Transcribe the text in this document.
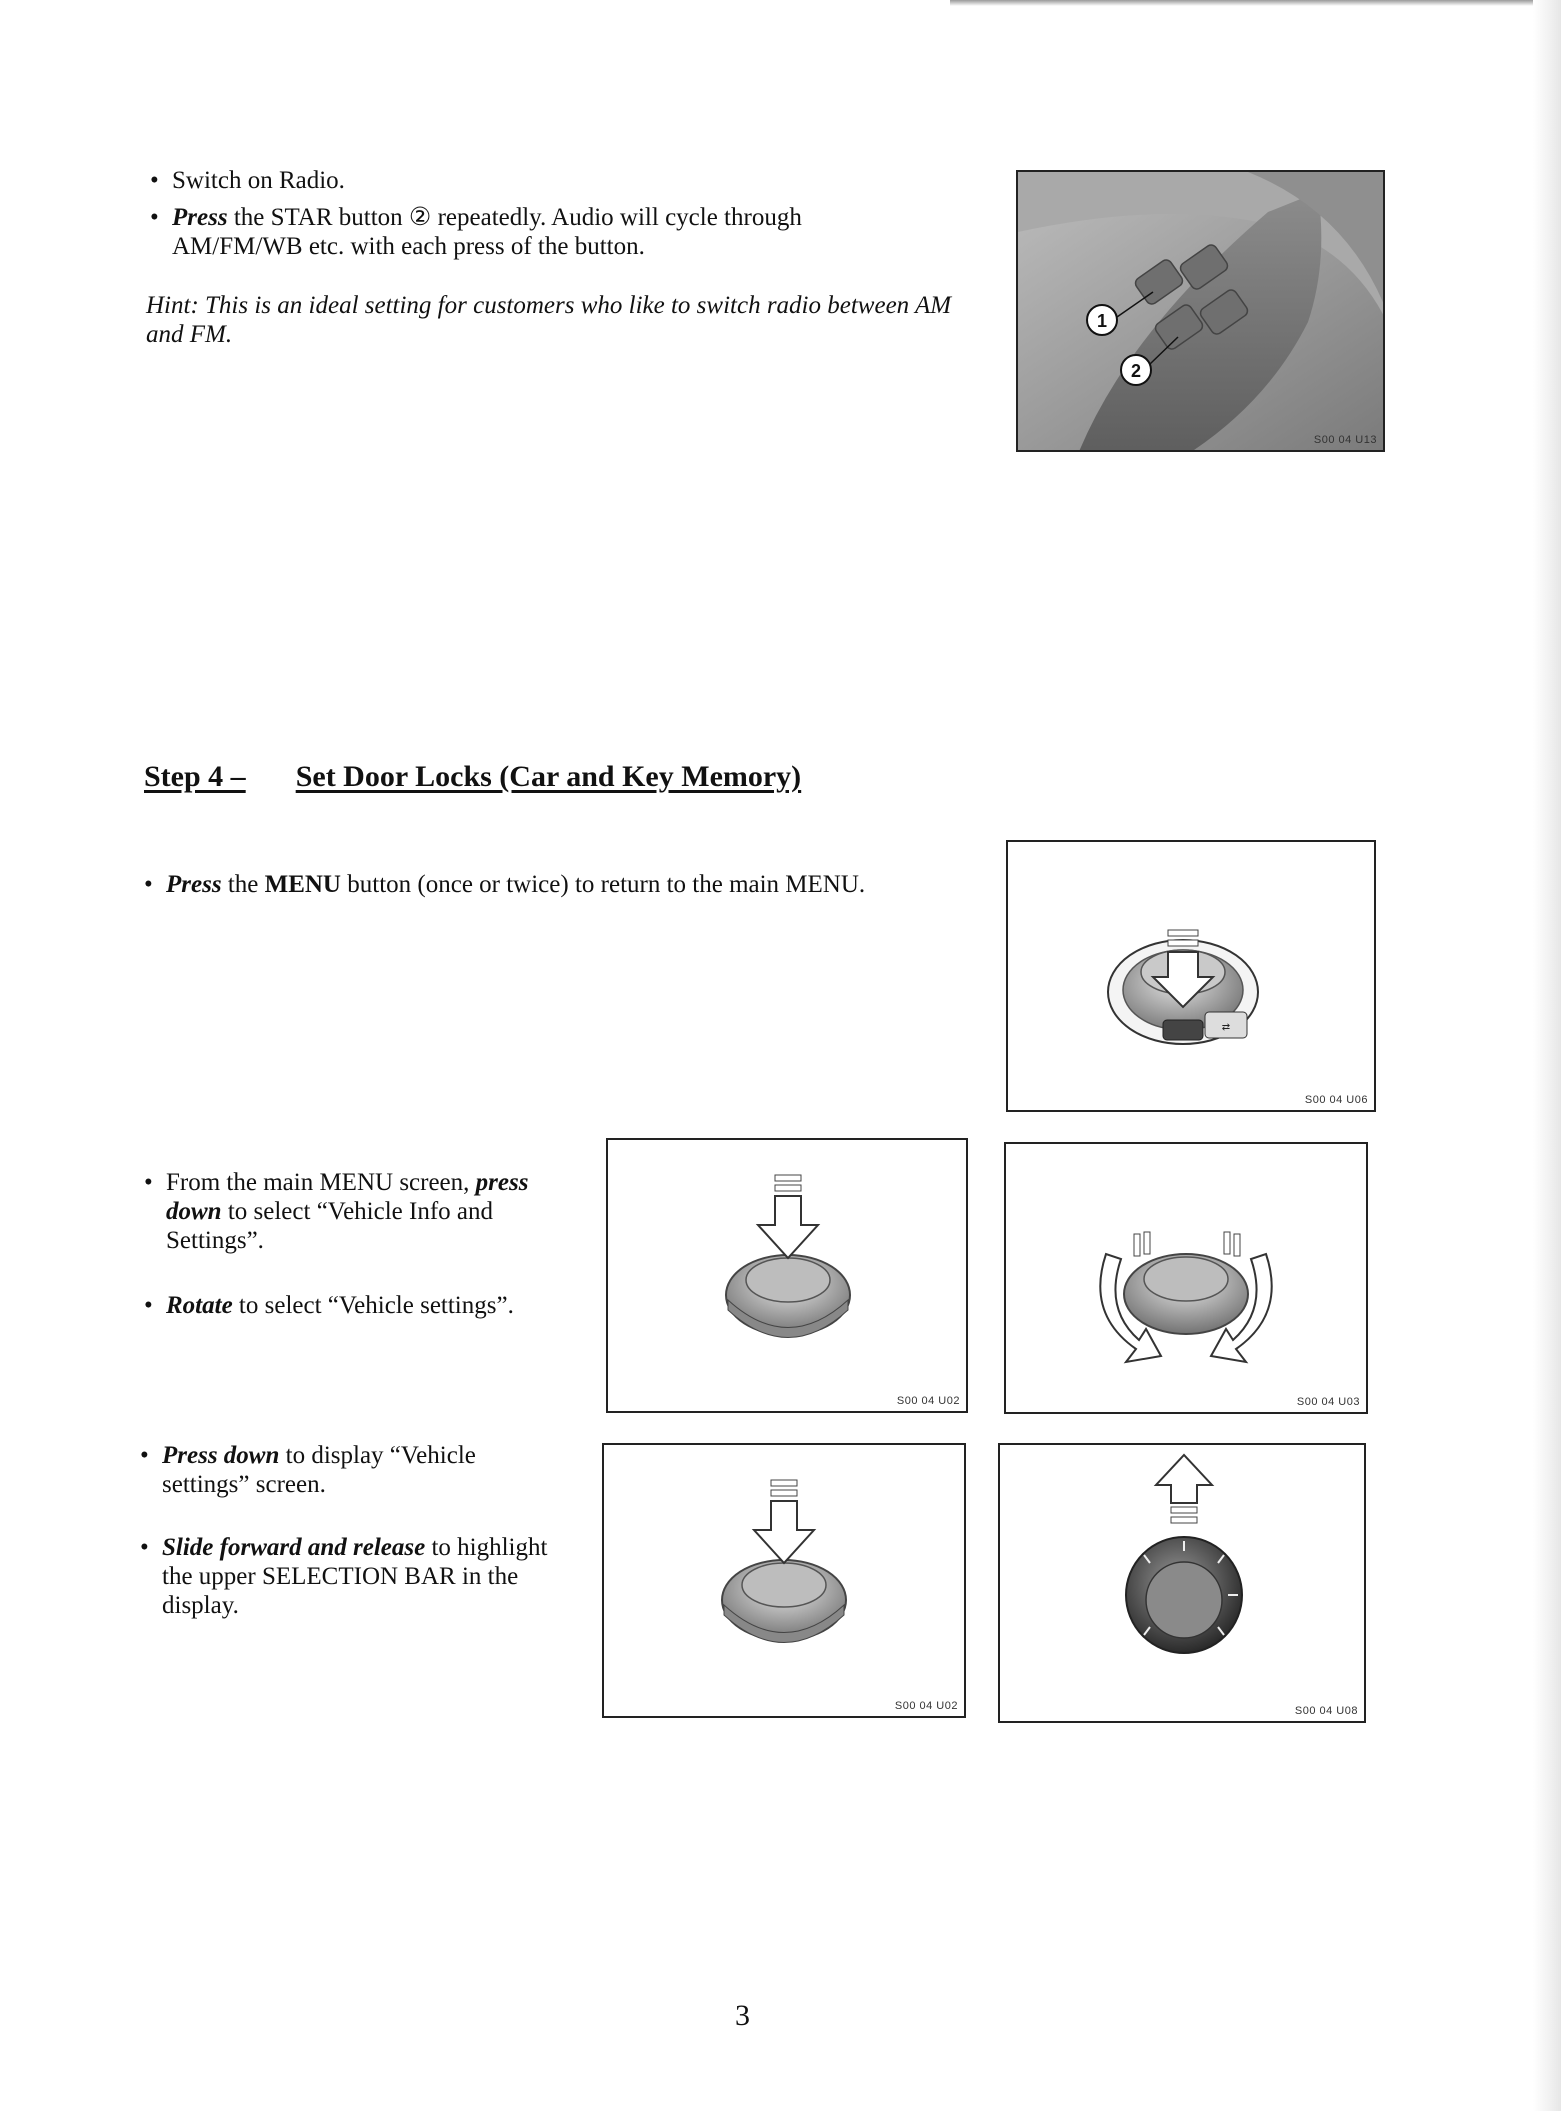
• Switch on Radio.
• Press the STAR button ② repeatedly. Audio will cycle through AM/FM/WB etc. with each press of the button.
Hint: This is an ideal setting for customers who like to switch radio between AM and FM.	1
2
S00 04 U13
Step 4 – Set Door Locks (Car and Key Memory)
• Press the MENU button (once or twice) to return to the main MENU.
⇄
S00 04 U06
• From the main MENU screen, press down to select “Vehicle Info and Settings”.
• Rotate to select “Vehicle settings”.
S00 04 U02	S00 04 U03
• Press down to display “Vehicle settings” screen.
• Slide forward and release to highlight the upper SELECTION BAR in the display.
S00 04 U02	S00 04 U08
3
